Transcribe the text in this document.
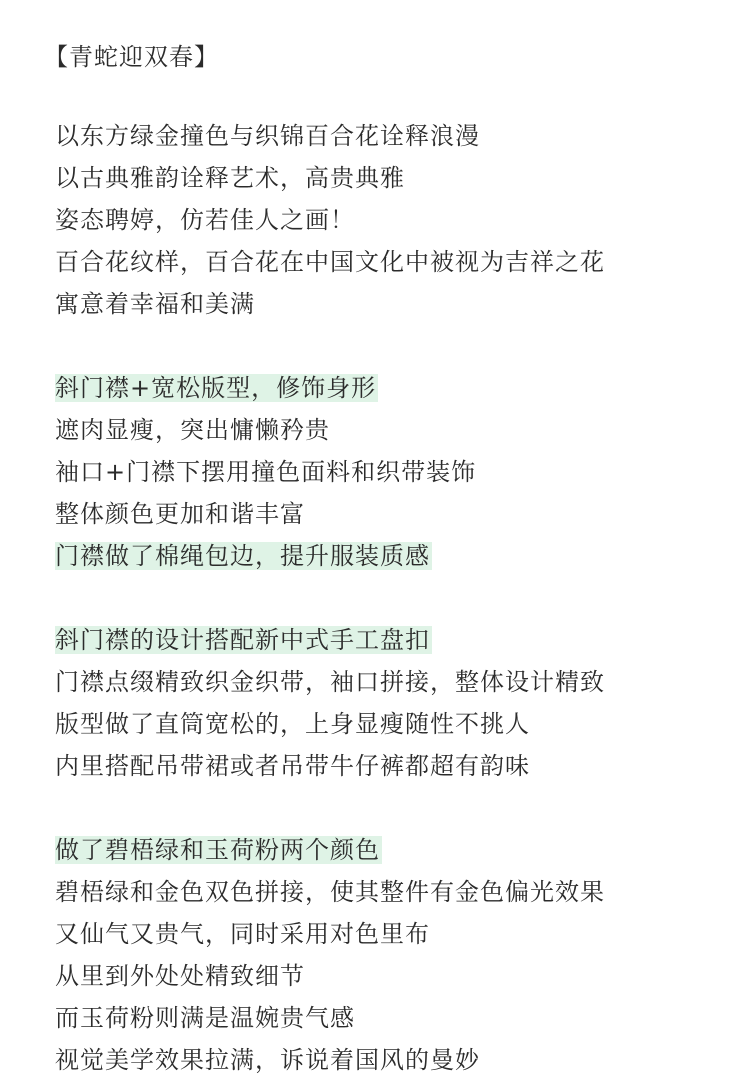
【青蛇迎双春】
以东方绿金撞色与织锦百合花诠释浪漫
以古典雅韵诠释艺术，高贵典雅
姿态聘婷，仿若佳人之画！
百合花纹样，百合花在中国文化中被视为吉祥之花
寓意着幸福和美满
斜门襟+宽松版型，修饰身形
遮肉显瘦，突出慵懒矜贵
袖口+门襟下摆用撞色面料和织带装饰
整体颜色更加和谐丰富
门襟做了棉绳包边，提升服装质感
斜门襟的设计搭配新中式手工盘扣
门襟点缀精致织金织带，袖口拼接，整体设计精致
版型做了直筒宽松的，上身显瘦随性不挑人
内里搭配吊带裙或者吊带牛仔裤都超有韵味
做了碧梧绿和玉荷粉两个颜色
碧梧绿和金色双色拼接，使其整件有金色偏光效果
又仙气又贵气，同时采用对色里布
从里到外处处精致细节
而玉荷粉则满是温婉贵气感
视觉美学效果拉满，诉说着国风的曼妙
